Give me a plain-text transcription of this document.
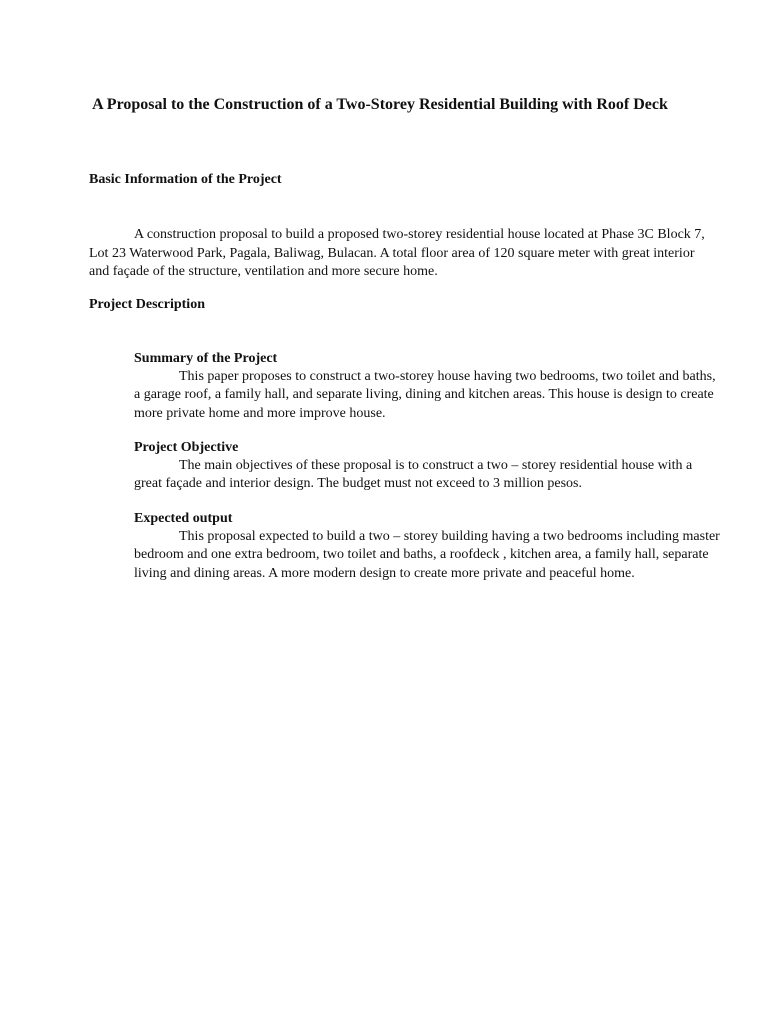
A Proposal to the Construction of a Two-Storey Residential Building with Roof Deck
Basic Information of the Project

A construction proposal to build a proposed two-storey residential house located at Phase 3C Block 7, Lot 23 Waterwood Park, Pagala, Baliwag, Bulacan. A total floor area of 120 square meter with great interior and façade of the structure, ventilation and more secure home.

Project Description
Summary of the Project

This paper proposes to construct a two-storey house having two bedrooms, two toilet and baths, a garage roof, a family hall, and separate living, dining and kitchen areas. This house is design to create more private home and more improve house.

Project Objective

The main objectives of these proposal is to construct a two – storey residential house with a great façade and interior design. The budget must not exceed to 3 million pesos.

Expected output

This proposal expected to build a two – storey building having a two bedrooms including master bedroom and one extra bedroom, two toilet and baths, a roofdeck , kitchen area, a family hall, separate living and dining areas. A more modern design to create more private and peaceful home.
